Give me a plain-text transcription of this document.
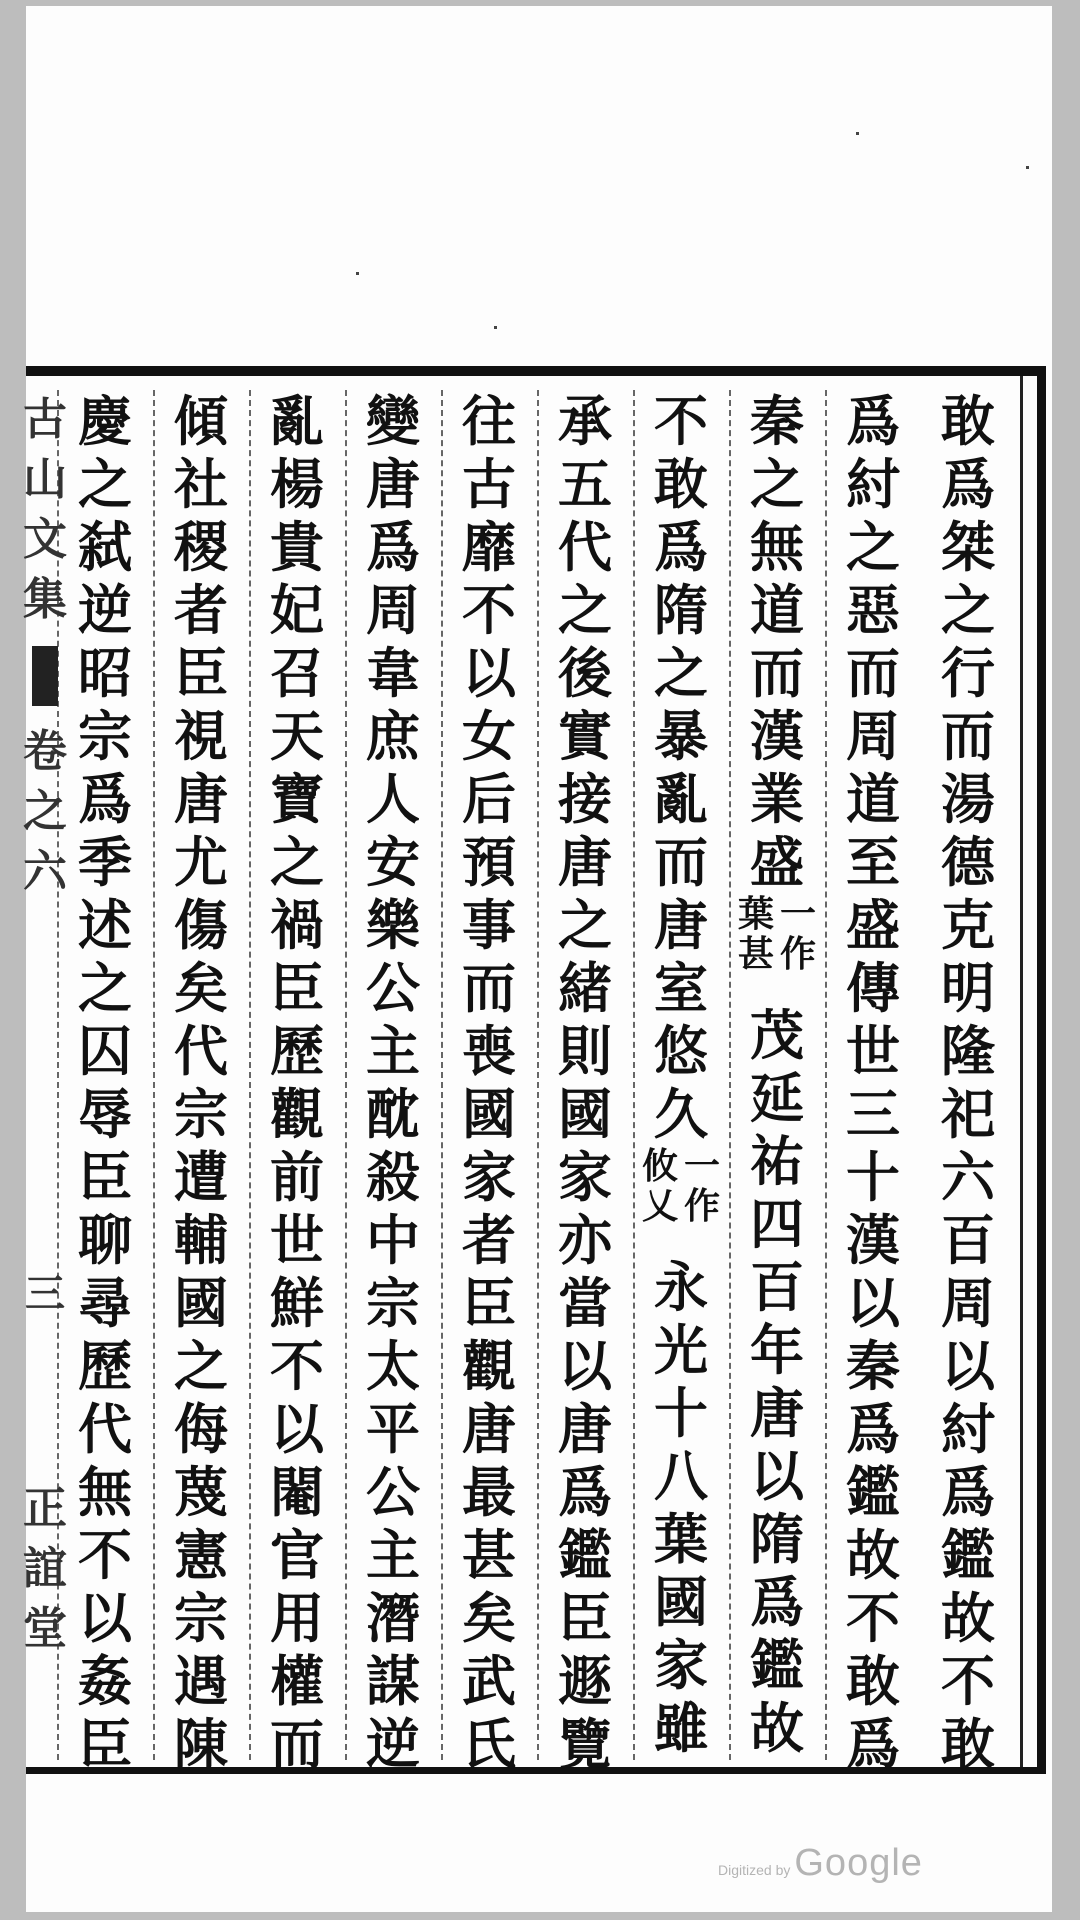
敢
爲
桀
之
行
而
湯
德
克
明
隆
祀
六
百
周
以
紂
爲
鑑
故
不
敢
爲
紂
之
惡
而
周
道
至
盛
傳
世
三
十
漢
以
秦
爲
鑑
故
不
敢
爲
秦
之
無
道
而
漢
業
盛
一
作
葉
甚
茂
延
祐
四
百
年
唐
以
隋
爲
鑑
故
不
敢
爲
隋
之
暴
亂
而
唐
室
悠
久
一
作
攸
乂
永
光
十
八
葉
國
家
雖
承
五
代
之
後
實
接
唐
之
緒
則
國
家
亦
當
以
唐
爲
鑑
臣
遯
覽
往
古
靡
不
以
女
后
預
事
而
喪
國
家
者
臣
觀
唐
最
甚
矣
武
氏
變
唐
爲
周
韋
庶
人
安
樂
公
主
酖
殺
中
宗
太
平
公
主
潛
謀
逆
亂
楊
貴
妃
召
天
寶
之
禍
臣
歷
觀
前
世
鮮
不
以
閹
官
用
權
而
傾
社
稷
者
臣
視
唐
尤
傷
矣
代
宗
遭
輔
國
之
侮
蔑
憲
宗
遇
陳
慶
之
弑
逆
昭
宗
爲
季
述
之
囚
辱
臣
聊
尋
歷
代
無
不
以
姦
臣
古
山
文
集
卷
之
六
三
正
誼
堂
Digitized by Google
